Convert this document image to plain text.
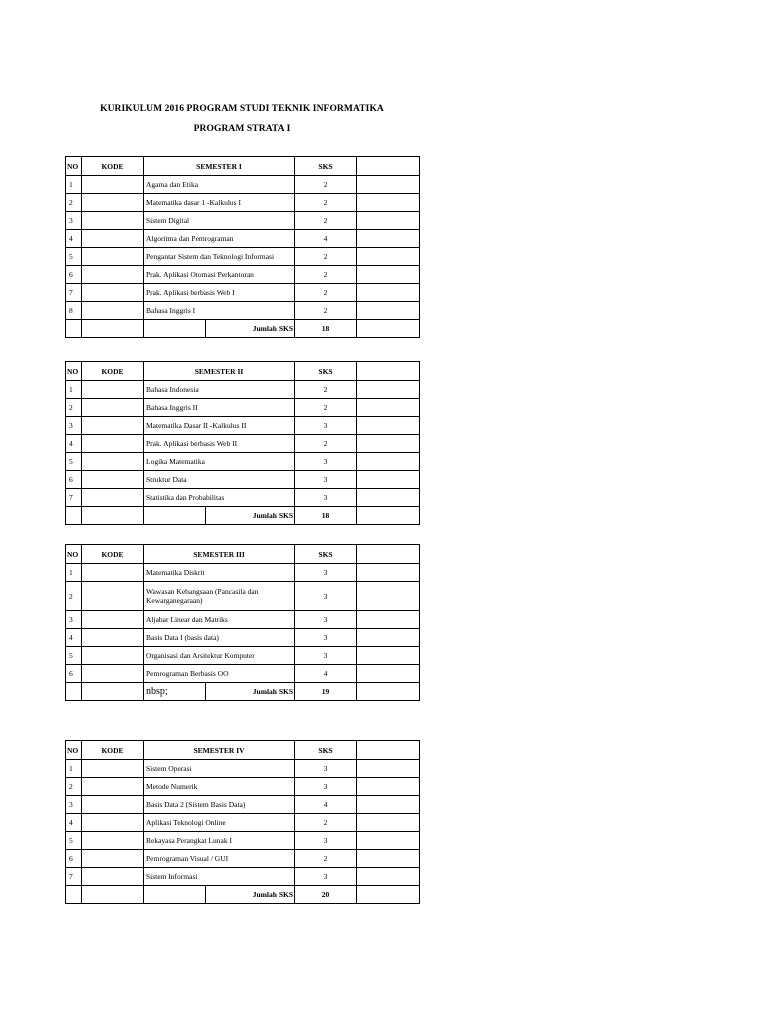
KURIKULUM 2016 PROGRAM STUDI TEKNIK INFORMATIKA
PROGRAM STRATA I
NO	KODE	SEMESTER I		SKS	
1		Agama dan Etika		2	
2		Matematika dasar 1 -Kalkulus I		2	
3		Sistem Digital		2	
4		Algoritma dan Pemrograman		4	
5		Pengantar Sistem dan Teknologi Informasi		2	
6		Prak. Aplikasi Otomasi Perkantoran		2	
7		Prak. Aplikasi berbasis Web I		2	
8		Bahasa Inggris I		2	
			Jumlah SKS	18	
NO	KODE	SEMESTER II		SKS	
1		Bahasa Indonesia		2	
2		Bahasa Inggris II		2	
3		Matematika Dasar II -Kalkulus II		3	
4		Prak. Aplikasi berbasis Web II		2	
5		Logika Matematika		3	
6		Struktur Data		3	
7		Statistika dan Probabilitas		3	
			Jumlah SKS	18	
NO	KODE	SEMESTER III		SKS	
1		Matematika Diskrit		3	
2		Wawasan Kebangsaan (Pancasila dan Kewarganegaraan)		3	
3		Aljabar Linear dan Matriks		3	
4		Basis Data I (basis data)		3	
5		Organisasi dan Arsitektur Komputer		3	
6		Pemrograman Berbasis OO		4	
		nbsp;	Jumlah SKS	19	
NO	KODE	SEMESTER IV		SKS	
1		Sistem Operasi		3	
2		Metode Numerik		3	
3		Basis Data 2 (Sistem Basis Data)		4	
4		Aplikasi Teknologi Online		2	
5		Rekayasa Perangkat Lunak I		3	
6		Pemrograman Visual / GUI		2	
7		Sistem Informasi		3	
			Jumlah SKS	20	
